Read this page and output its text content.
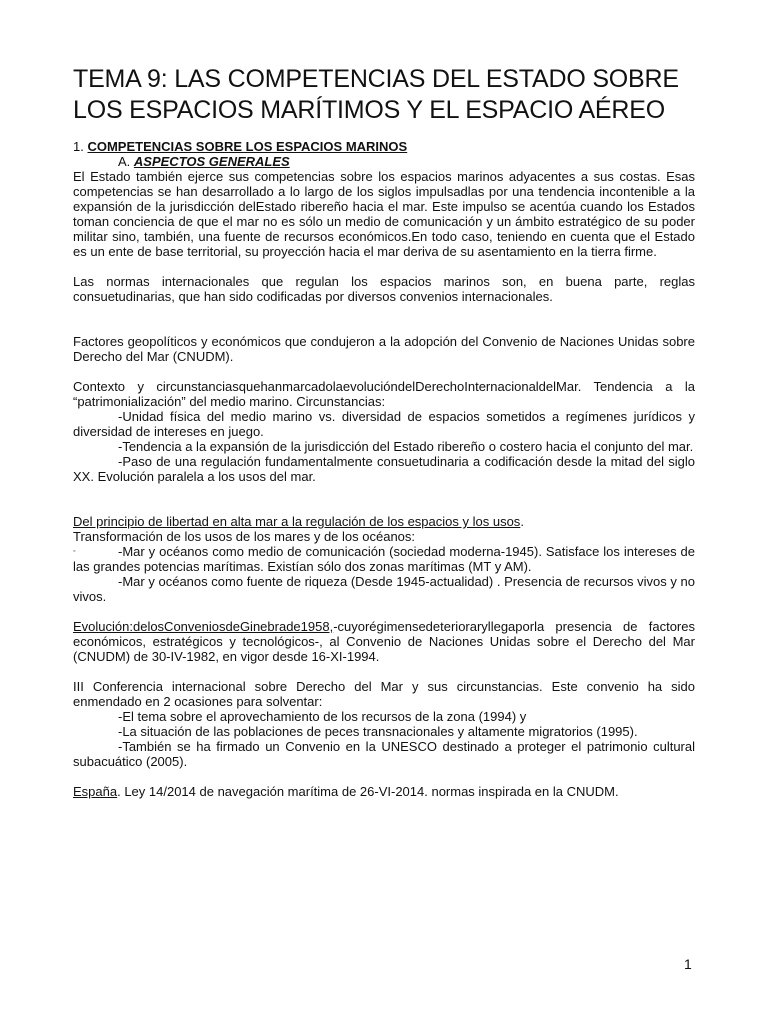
TEMA 9: LAS COMPETENCIAS DEL ESTADO SOBRE LOS ESPACIOS MARÍTIMOS Y EL ESPACIO AÉREO

1. COMPETENCIAS SOBRE LOS ESPACIOS MARINOS

A. ASPECTOS GENERALES

El Estado también ejerce sus competencias sobre los espacios marinos adyacentes a sus costas. Esas competencias se han desarrollado a lo largo de los siglos impulsadlas por una tendencia incontenible a la expansión de la jurisdicción delEstado ribereño hacia el mar. Este impulso se acentúa cuando los Estados toman conciencia de que el mar no es sólo un medio de comunicación y un ámbito estratégico de su poder militar sino, también, una fuente de recursos económicos.En todo caso, teniendo en cuenta que el Estado es un ente de base territorial, su proyección hacia el mar deriva de su asentamiento en la tierra firme.

Las normas internacionales que regulan los espacios marinos son, en buena parte, reglas consuetudinarias, que han sido codificadas por diversos convenios internacionales.

Factores geopolíticos y económicos que condujeron a la adopción del Convenio de Naciones Unidas sobre Derecho del Mar (CNUDM).

Contexto y circunstanciasquehanmarcadolaevolucióndelDerechoInternacionaldelMar. Tendencia a la “patrimonialización” del medio marino. Circunstancias:

-Unidad física del medio marino vs. diversidad de espacios sometidos a regímenes jurídicos y diversidad de intereses en juego.

-Tendencia a la expansión de la jurisdicción del Estado ribereño o costero hacia el conjunto del mar.

-Paso de una regulación fundamentalmente consuetudinaria a codificación desde la mitad del siglo XX. Evolución paralela a los usos del mar.

Del principio de libertad en alta mar a la regulación de los espacios y los usos.

Transformación de los usos de los mares y de los océanos:

◦	-Mar y océanos como medio de comunicación (sociedad moderna-1945). Satisface los intereses de las grandes potencias marítimas. Existían sólo dos zonas marítimas (MT y AM).

-Mar y océanos como fuente de riqueza (Desde 1945-actualidad) . Presencia de recursos vivos y no vivos.

Evolución:delosConveniosdeGinebrade1958,-cuyorégimensedeterioraryllegaporla presencia de factores económicos, estratégicos y tecnológicos-, al Convenio de Naciones Unidas sobre el Derecho del Mar (CNUDM) de 30-IV-1982, en vigor desde 16-XI-1994.

III Conferencia internacional sobre Derecho del Mar y sus circunstancias. Este convenio ha sido enmendado en 2 ocasiones para solventar:

-El tema sobre el aprovechamiento de los recursos de la zona (1994) y

-La situación de las poblaciones de peces transnacionales y altamente migratorios (1995).

-También se ha firmado un Convenio en la UNESCO destinado a proteger el patrimonio cultural subacuático (2005).

España. Ley 14/2014 de navegación marítima de 26-VI-2014. normas inspirada en la CNUDM.

1
